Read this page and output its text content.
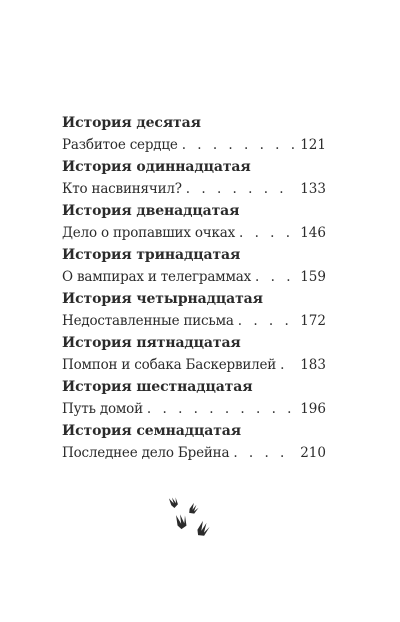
История десятая
Разбитое сердце . . .	121
История одиннадцатая
Кто насвинячил? . . .	133
История двенадцатая
Дело о пропавших очках . . .	146
История тринадцатая
О вампирах и телеграммах . . .	159
История четырнадцатая
Недоставленные письма . . .	172
История пятнадцатая
Помпон и собака Баскервилей . . . 183
История шестнадцатая
Путь домой . . .	196
История семнадцатая
Последнее дело Брейна . . .	210
